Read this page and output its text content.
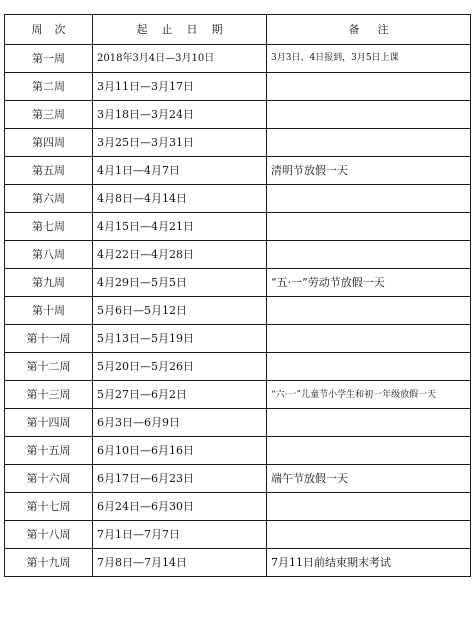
周次	起止日期	备注
第一周	2018年3月4日—3月10日	3月3日、4日报到，3月5日上课
第二周	3月11日—3月17日	
第三周	3月18日—3月24日	
第四周	3月25日—3月31日	
第五周	4月1日—4月7日	清明节放假一天
第六周	4月8日—4月14日	
第七周	4月15日—4月21日	
第八周	4月22日—4月28日	
第九周	4月29日—5月5日	“五·一”劳动节放假一天
第十周	5月6日—5月12日	
第十一周	5月13日—5月19日	
第十二周	5月20日—5月26日	
第十三周	5月27日—6月2日	“六·一”儿童节小学生和初一年级放假一天
第十四周	6月3日—6月9日	
第十五周	6月10日—6月16日	
第十六周	6月17日—6月23日	端午节放假一天
第十七周	6月24日—6月30日	
第十八周	7月1日—7月7日	
第十九周	7月8日—7月14日	7月11日前结束期末考试
